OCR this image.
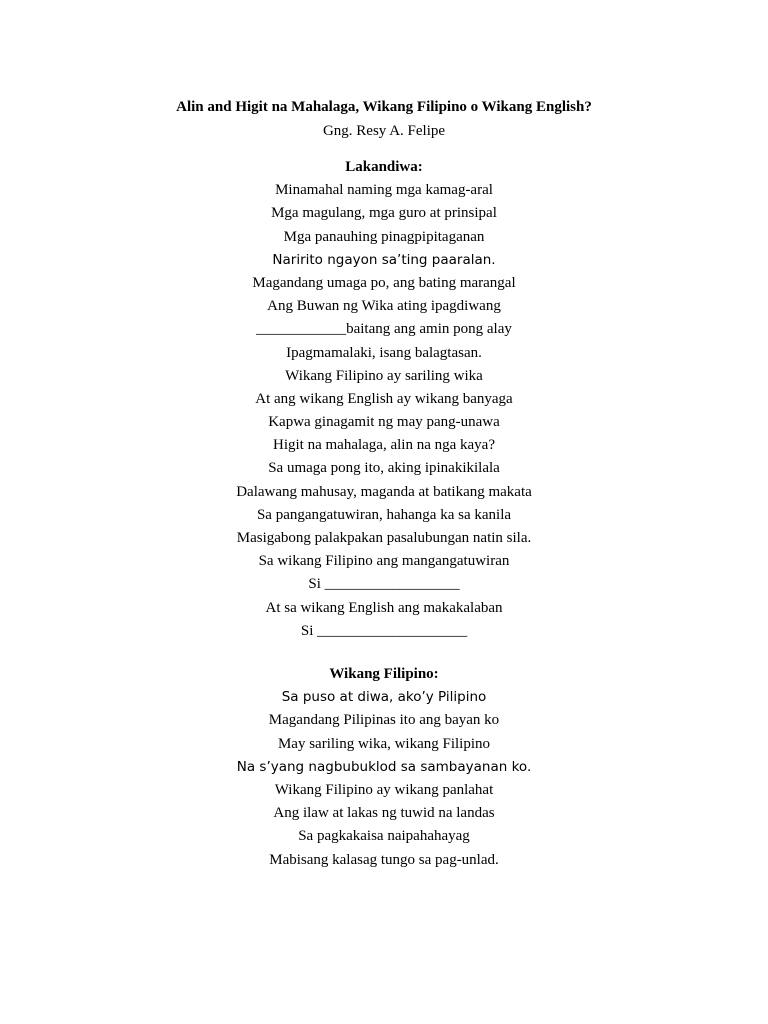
Alin and Higit na Mahalaga, Wikang Filipino o Wikang English?
Gng. Resy A. Felipe
Lakandiwa:
Minamahal naming mga kamag-aral
Mga magulang, mga guro at prinsipal
Mga panauhing pinagpipitaganan
Naririto ngayon sa’ting paaralan.
Magandang umaga po, ang bating marangal
Ang Buwan ng Wika ating ipagdiwang
____________baitang ang amin pong alay
Ipagmamalaki, isang balagtasan.
Wikang Filipino ay sariling wika
At ang wikang English ay wikang banyaga
Kapwa ginagamit ng may pang-unawa
Higit na mahalaga, alin na nga kaya?
Sa umaga pong ito, aking ipinakikilala
Dalawang mahusay, maganda at batikang makata
Sa pangangatuwiran, hahanga ka sa kanila
Masigabong palakpakan pasalubungan natin sila.
Sa wikang Filipino ang mangangatuwiran
Si __________________
At sa wikang English ang makakalaban
Si ____________________
Wikang Filipino:
Sa puso at diwa, ako’y Pilipino
Magandang Pilipinas ito ang bayan ko
May sariling wika, wikang Filipino
Na s’yang nagbubuklod sa sambayanan ko.
Wikang Filipino ay wikang panlahat
Ang ilaw at lakas ng tuwid na landas
Sa pagkakaisa naipahahayag
Mabisang kalasag tungo sa pag-unlad.
